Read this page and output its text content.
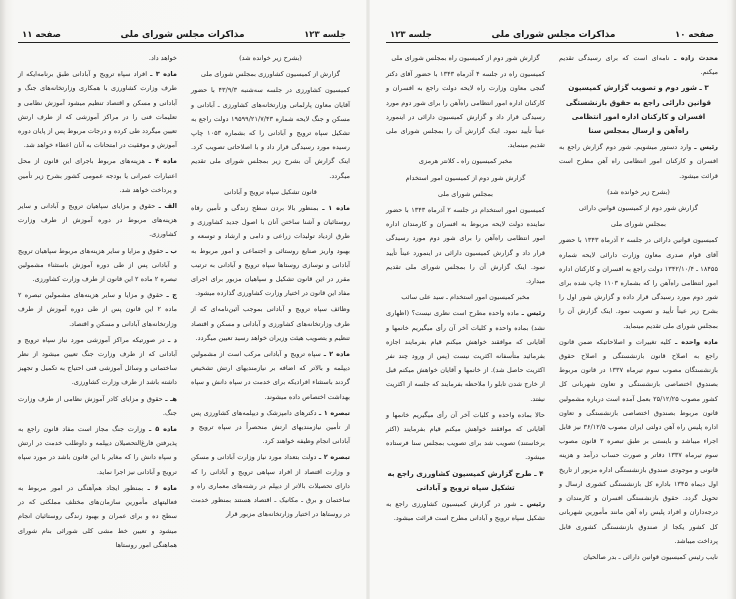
جلسه ۱۲۳
مذاکرات مجلس شورای ملی
صفحه ۱۱

(بشرح زیر خوانده شد)

گزارش از کمیسیون کشاورزی بمجلس شورای ملی

کمیسیون کشاورزی در جلسه سه‌شنبه ۴۳/۹/۳ با حضور آقایان معاون پارلمانی وزارتخانه‌های کشاورزی ـ آبادانی و مسکن و جنگ لایحه شماره ۱۹۵۹۹/۲۱/۷/۴۳ دولت راجع به تشکیل سپاه ترویج و آبادانی را که بشماره ۱۰۵۳ چاپ رسیده مورد رسیدگی قرار داد و با اصلاحاتی تصویب کرد. اینک گزارش آن بشرح زیر بمجلس شورای ملی تقدیم میگردد.

قانون تشکیل سپاه ترویج و آبادانی

ماده ۱ ـ بمنظور بالا بردن سطح زندگی و تأمین رفاه روستائیان و آشنا ساختن آنان با اصول جدید کشاورزی و طرق ازدیاد تولیدات زراعی و دامی و ارشاد و توسعه و بهبود واریز صنایع روستائی و اجتماعی و امور مربوط به آبادانی و نوسازی روستاها سپاه ترویج و آبادانی به ترتیب مقرر در این قانون تشکیل و سپاهیان مزبور برای اجرای مفاد این قانون در اختیار وزارت کشاورزی گذارده میشود.

وظائف سپاه ترویج و آبادانی بموجب آئین‌نامه‌ای که از طرف وزارتخانه‌های کشاورزی و آبادانی و مسکن و اقتصاد تنظیم و بتصویب هیئت وزیران خواهد رسید تعیین میگردد.

ماده ۲ ـ سپاه ترویج و آبادانی مرکب است از مشمولین دیپلمه و بالاتر که اضافه بر نیازمندیهای ارتش تشخیص گردند باستثناء افرادیکه برای خدمت در سپاه دانش و سپاه بهداشت اختصاص داده میشوند.

تبصره ۱ ـ دکترهای دامپزشک و دیپلمه‌های کشاورزی پس از تأمین نیازمندیهای ارتش منحصراً در سپاه ترویج و آبادانی انجام وظیفه خواهند کرد.

تبصره ۲ ـ دولت بتعداد مورد نیاز وزارت آبادانی و مسکن و وزارت اقتصاد از افراد سپاهی ترویج و آبادانی را که دارای تحصیلات بالاتر از دیپلم در رشته‌های معماری راه و ساختمان و برق ـ مکانیک ـ اقتصاد هستند بمنظور خدمت در روستاها در اختیار وزارتخانه‌های مزبور قرار

خواهد داد.

ماده ۳ ـ افراد سپاه ترویج و آبادانی طبق برنامه‌ایکه از طرف وزارت کشاورزی با همکاری وزارتخانه‌های جنگ و آبادانی و مسکن و اقتصاد تنظیم میشود آموزش نظامی و تعلیمات فنی را در مراکز آموزشی که از طرف ارتش تعیین میگردد طی کرده و درجات مربوط پس از پایان دوره آموزش و موفقیت در امتحانات به آنان اعطاء خواهد شد.

ماده ۴ ـ هزینه‌های مربوط باجرای این قانون از محل اعتبارات عمرانی یا بودجه عمومی کشور بشرح زیر تأمین و پرداخت خواهد شد.

الف ـ حقوق و مزایای سپاهیان ترویج و آبادانی و سایر هزینه‌های مربوط در دوره آموزش از طرف وزارت کشاورزی.

ب ـ حقوق و مزایا و سایر هزینه‌های مربوط سپاهیان ترویج و آبادانی پس از طی دوره آموزش باستثناء مشمولین تبصره ۲ ماده ۲ این قانون از طرف وزارت کشاورزی.

ج ـ حقوق و مزایا و سایر هزینه‌های مشمولین تبصره ۲ ماده ۲ این قانون پس از طی دوره آموزش از طرف وزارتخانه‌های آبادانی و مسکن و اقتصاد.

د ـ در صورتیکه مراکز آموزشی مورد نیاز سپاه ترویج و آبادانی که از طرف وزارت جنگ تعیین میشود از نظر ساختمانی و وسائل آموزشی فنی احتیاج به تکمیل و تجهیز داشته باشد از طرف وزارت کشاورزی.

هـ ـ حقوق و مزایای کادر آموزش نظامی از طرف وزارت جنگ.

ماده ۵ ـ وزارت جنگ مجاز است مفاد قانون راجع به پذیرفتن فارغ‌التحصیلان دیپلمه و داوطلب خدمت در ارتش و سپاه دانش را که مغایر با این قانون باشد در مورد سپاه ترویج و آبادانی نیز اجرا نماید.

ماده ۶ ـ بمنظور ایجاد هم‌آهنگی در امور مربوط به فعالیتهای مأمورین سازمان‌های مختلف مملکتی که در سطح ده و برای عمران و بهبود زندگی روستائیان انجام میشود و تعیین خط مشی کلی شورائی بنام شورای هماهنگی امور روستاها

صفحه ۱۰
مذاکرات مجلس شورای ملی
جلسه ۱۲۳

محدث زاده ـ نامه‌ای است که برای رسیدگی تقدیم میکنم.

۳ ـ شور دوم و تصویب گزارش کمیسیون قوانین دارائی راجع به حقوق بازنشستگی افسران و کارکنان اداره امور انتظامی راه‌آهن و ارسال بمجلس سنا

رئیس ـ وارد دستور میشویم. شور دوم گزارش راجع به افسران و کارکنان امور انتظامی راه آهن مطرح است قرائت میشود.

(بشرح زیر خوانده شد)

گزارش شور دوم از کمیسیون قوانین دارائی

بمجلس شورای ملی

کمیسیون قوانین دارائی در جلسه ۲ آذرماه ۱۳۴۳ با حضور آقای قوام صدری معاون وزارت دارائی لایحه شماره ۱۸۴۵۵ ـ ۱۳۴۲/۱۰/۴ دولت راجع به افسران و کارکنان اداره امور انتظامی راه‌آهن را که بشماره ۱۱۰۳ چاپ شده برای شور دوم مورد رسیدگی قرار داده و گزارش شور اول را بشرح زیر عیناً تأیید و تصویب نمود. اینک گزارش آن را بمجلس شورای ملی تقدیم مینماید.

ماده واحده ـ کلیه تغییرات و اصلاحاتیکه ضمن قانون راجع به اصلاح قانون بازنشستگی و اصلاح حقوق بازنشستگان مصوب سوم تیرماه ۱۳۳۷ در قانون مربوط بصندوق اختصاصی بازنشستگی و تعاون شهربانی کل کشور مصوب ۲۵/۱۲/۲۵ بعمل آمده است درباره مشمولین قانون مربوط بصندوق اختصاصی بازنشستگی و تعاون اداره پلیس راه آهن دولتی ایران مصوب ۳۶/۱۲/۵ نیز قابل اجراء میباشد و بایستی بر طبق تبصره ۲ قانون مصوب سوم تیرماه ۱۳۳۷ دفاتر و صورت حساب درآمد و هزینه قانونی و موجودی صندوق بازنشستگی اداره مزبور از تاریخ اول دیماه ۱۳۴۵ باداره کل بازنشستگی کشوری ارسال و تحویل گردد. حقوق بازنشستگی افسران و کارمندان و درجه‌داران و افراد پلیس راه آهن مانند مأمورین شهربانی کل کشور یکجا از صندوق بازنشستگی کشوری قابل پرداخت میباشد.

نایب رئیس کمیسیون قوانین دارائی ـ بدر صالحیان

گزارش شور دوم از کمیسیون راه بمجلس شورای ملی

کمیسیون راه در جلسه ۴ آذرماه ۱۳۴۳ با حضور آقای دکتر گنجی معاون وزارت راه لایحه دولت راجع به افسران و کارکنان اداره امور انتظامی راه‌آهن را برای شور دوم مورد رسیدگی قرار داد و گزارش کمیسیون دارائی در اینمورد عیناً تأیید نمود. اینک گزارش آن را بمجلس شورای ملی تقدیم مینماید.

مخبر کمیسیون راه ـ کلانتر هرمزی

گزارش شور دوم از کمیسیون امور استخدام

بمجلس شورای ملی

کمیسیون امور استخدام در جلسه ۲ آذرماه ۱۳۴۳ با حضور نماینده دولت لایحه مربوط به افسران و کارمندان اداره امور انتظامی راه‌آهن را برای شور دوم مورد رسیدگی قرار داد و گزارش کمیسیون دارائی در اینمورد عیناً تأیید نمود. اینک گزارش آن را بمجلس شورای ملی تقدیم میدارد.

مخبر کمیسیون امور استخدام ـ سید علی سائب

رئیس ـ ماده واحده مطرح است نظری نیست؟ (اظهاری نشد) بماده واحده و کلیات آخر آن رأی میگیریم خانمها و آقایانی که موافقند خواهش میکنم قیام بفرمایند اجازه بفرمائید متأسفانه اکثریت نیست (پس از ورود چند نفر اکثریت حاصل شد). از خانمها و آقایان خواهش میکنم قبل از خارج شدن تابلو را ملاحظه بفرمایند که جلسه از اکثریت نیفتد.

حالا بماده واحده و کلیات آخر آن رأی میگیریم خانمها و آقایانی که موافقند خواهش میکنم قیام بفرمایند (اکثر برخاستند) تصویب شد برای تصویب بمجلس سنا فرستاده میشود.

۴ ـ طرح گزارش کمیسیون کشاورزی راجع به تشکیل سپاه ترویج و آبادانی

رئیس ـ شور در گزارش کمیسیون کشاورزی راجع به تشکیل سپاه ترویج و آبادانی مطرح است قرائت میشود.
